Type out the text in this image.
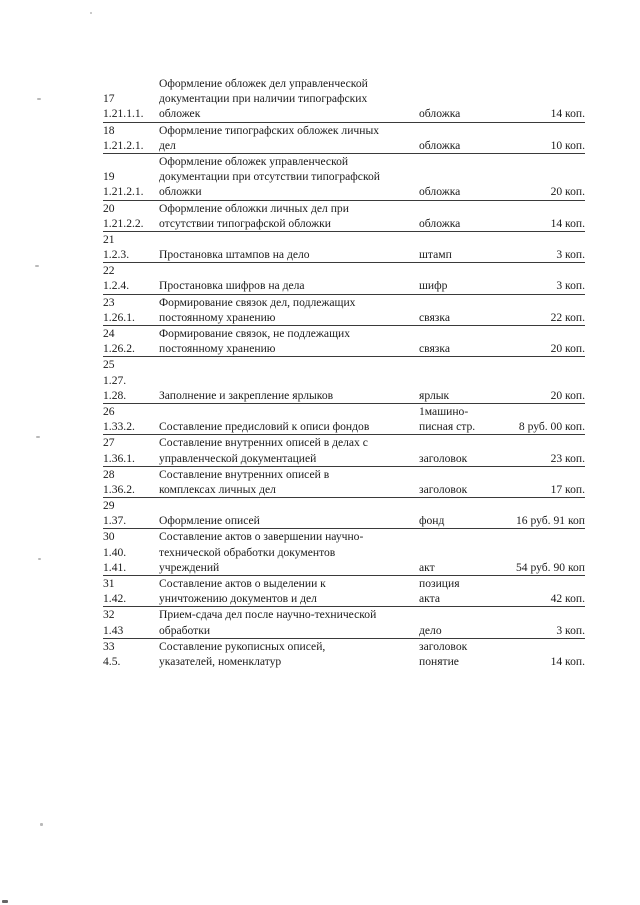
17
1.21.1.1.	Оформление обложек дел управленческой
документации при наличии типографских
обложек	обложка	14 коп.

18
1.21.2.1.	Оформление типографских обложек личных
дел	обложка	10 коп.

19
1.21.2.1.	Оформление обложек управленческой
документации при отсутствии типографской
обложки	обложка	20 коп.

20
1.21.2.2.	Оформление обложки личных дел при
отсутствии типографской обложки	обложка	14 коп.

21
1.2.3.	Простановка штампов на дело	штамп	3 коп.

22
1.2.4.	Простановка шифров на дела	шифр	3 коп.

23
1.26.1.	Формирование связок дел, подлежащих
постоянному хранению	связка	22 коп.

24
1.26.2.	Формирование связок, не подлежащих
постоянному хранению	связка	20 коп.

25
1.27.
1.28.	Заполнение и закрепление ярлыков	ярлык	20 коп.

26
1.33.2.	Составление предисловий к описи фондов	1машино-
писная стр.	8 руб. 00 коп.

27
1.36.1.	Составление внутренних описей в делах с
управленческой документацией	заголовок	23 коп.

28
1.36.2.	Составление внутренних описей в
комплексах личных дел	заголовок	17 коп.

29
1.37.	Оформление описей	фонд	16 руб. 91 коп

30
1.40.
1.41.	Составление актов о завершении научно-
технической обработки документов
учреждений	акт	54 руб. 90 коп

31
1.42.	Составление актов о выделении к
уничтожению документов и дел	позиция
акта	42 коп.

32
1.43	Прием-сдача дел после научно-технической
обработки	дело	3 коп.

33
4.5.	Составление рукописных описей,
указателей, номенклатур	заголовок
понятие	14 коп.
